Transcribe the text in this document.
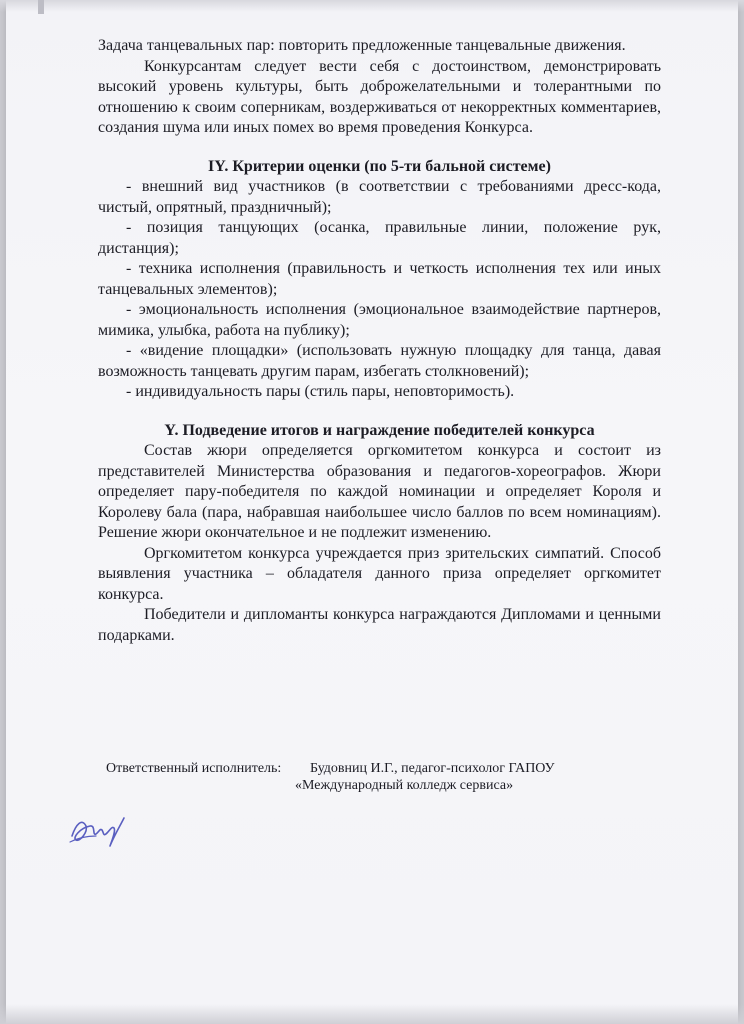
Задача танцевальных пар: повторить предложенные танцевальные движения.

Конкурсантам следует вести себя с достоинством, демонстрировать высокий уровень культуры, быть доброжелательными и толерантными по отношению к своим соперникам, воздерживаться от некорректных комментариев, создания шума или иных помех во время проведения Конкурса.

IY. Критерии оценки (по 5-ти бальной системе)

- внешний вид участников (в соответствии с требованиями дресс-кода, чистый, опрятный, праздничный);

- позиция танцующих (осанка, правильные линии, положение рук, дистанция);

- техника исполнения (правильность и четкость исполнения тех или иных танцевальных элементов);

- эмоциональность исполнения (эмоциональное взаимодействие партнеров, мимика, улыбка, работа на публику);

- «видение площадки» (использовать нужную площадку для танца, давая возможность танцевать другим парам, избегать столкновений);

- индивидуальность пары (стиль пары, неповторимость).

Y. Подведение итогов и награждение победителей конкурса

Состав жюри определяется оргкомитетом конкурса и состоит из представителей Министерства образования и педагогов-хореографов. Жюри определяет пару-победителя по каждой номинации и определяет Короля и Королеву бала (пара, набравшая наибольшее число баллов по всем номинациям). Решение жюри окончательное и не подлежит изменению.

Оргкомитетом конкурса учреждается приз зрительских симпатий. Способ выявления участника – обладателя данного приза определяет оргкомитет конкурса.

Победители и дипломанты конкурса награждаются Дипломами и ценными подарками.

Ответственный исполнитель:	Будовниц И.Г., педагог-психолог ГАПОУ
«Международный колледж сервиса»
